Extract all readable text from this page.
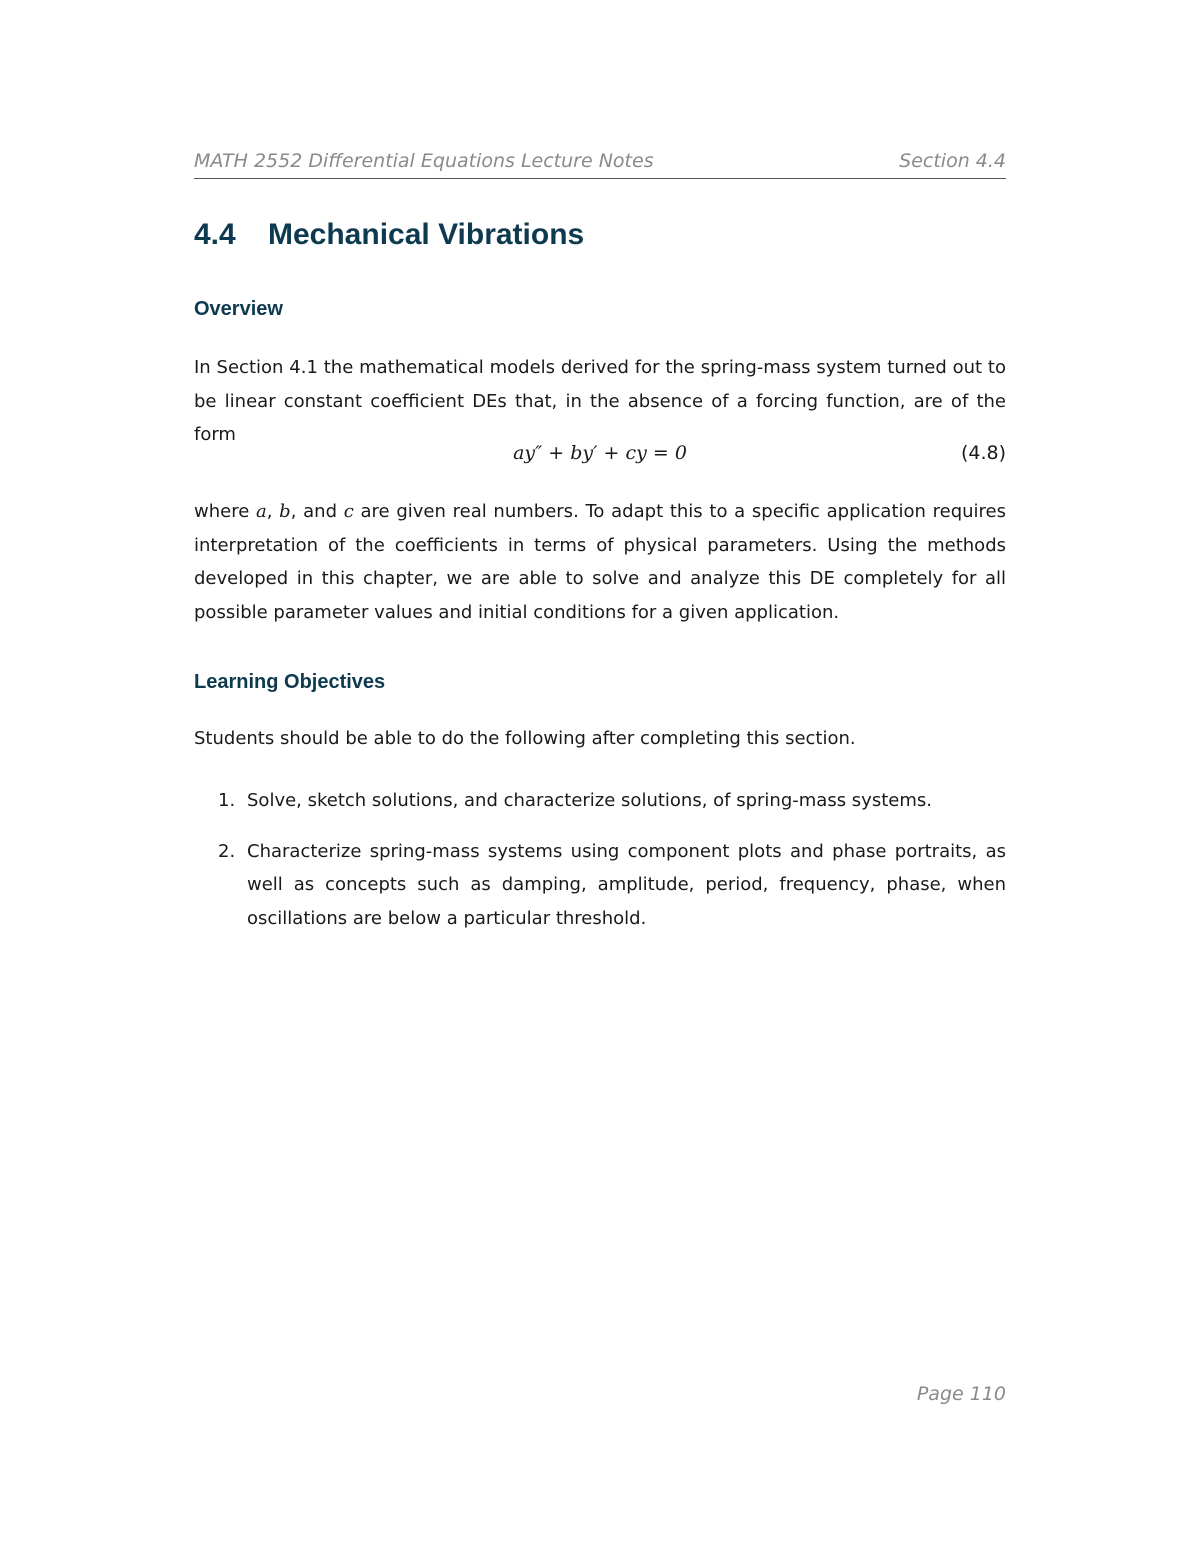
MATH 2552 Differential Equations Lecture Notes	Section 4.4
4.4 Mechanical Vibrations
Overview

In Section 4.1 the mathematical models derived for the spring-mass system turned out to be linear constant coefficient DEs that, in the absence of a forcing function, are of the form

ay″ + by′ + cy = 0	(4.8)

where a, b, and c are given real numbers. To adapt this to a specific application requires interpretation of the coefficients in terms of physical parameters. Using the methods developed in this chapter, we are able to solve and analyze this DE completely for all possible parameter values and initial conditions for a given application.

Learning Objectives

Students should be able to do the following after completing this section.

1. Solve, sketch solutions, and characterize solutions, of spring-mass systems.
2. Characterize spring-mass systems using component plots and phase portraits, as well as concepts such as damping, amplitude, period, frequency, phase, when oscillations are below a particular threshold.
Page 110
